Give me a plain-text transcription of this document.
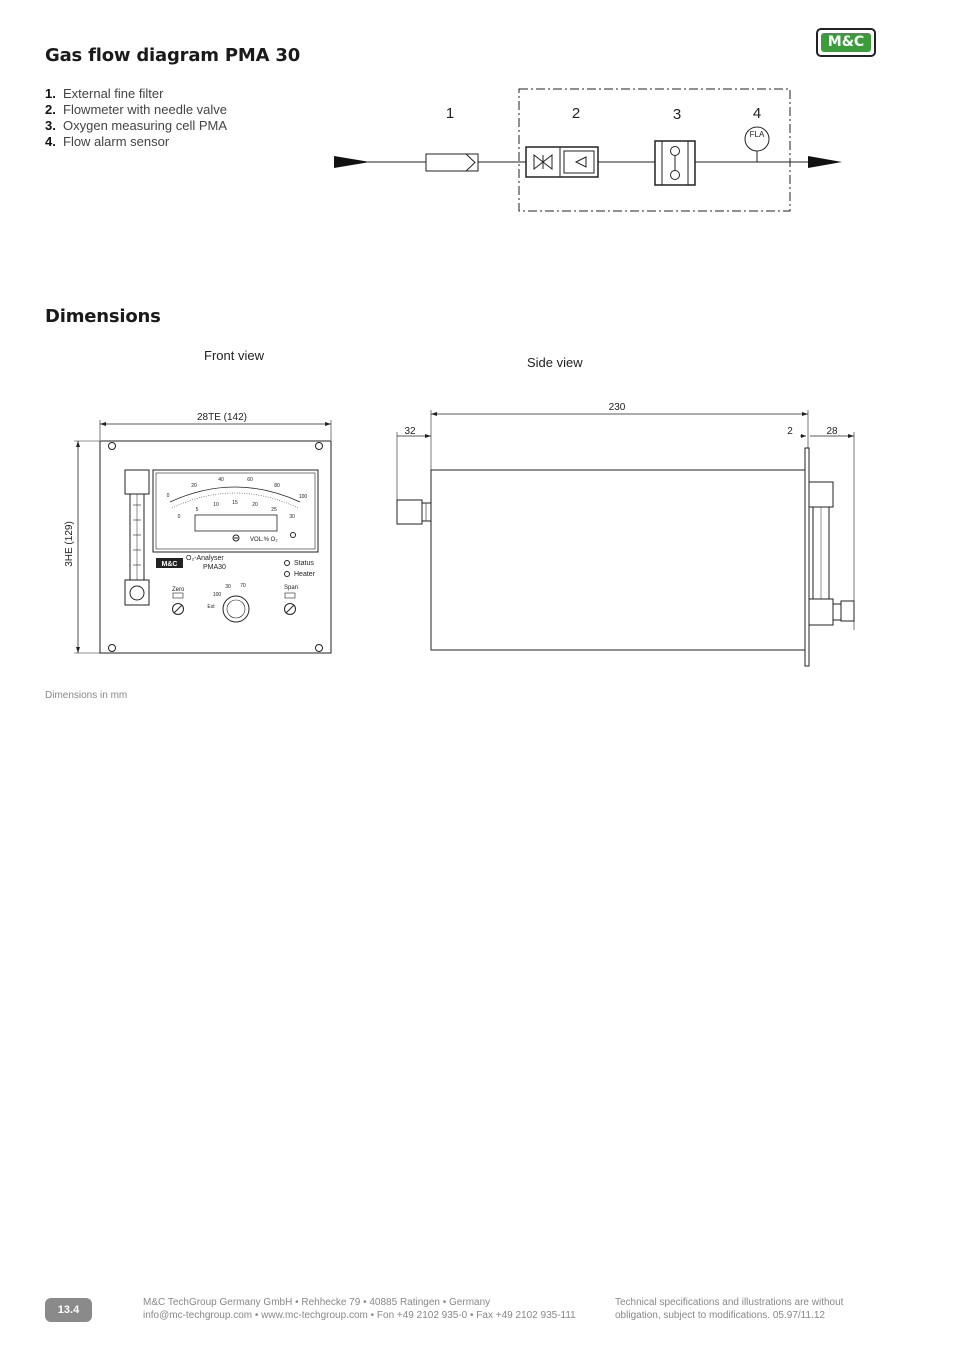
M&C
Gas flow diagram PMA 30
1. External fine filter
2. Flowmeter with needle valve
3. Oxygen measuring cell PMA
4. Flow alarm sensor	FLA
1	2	3	4
Dimensions
Front view	Side view
28TE (142)
3HE (129)
0
20
40	60
80
100
0
5
10	15	20
25
30
VOL.% O₂
M&C
O₂-Analyser
PMA30
Status
Heater
Zero	Span
30 70
100
Ext
230
32	2	28
Dimensions in mm
13.4
M&C TechGroup Germany GmbH • Rehhecke 79 • 40885 Ratingen • Germany
info@mc-techgroup.com • www.mc-techgroup.com • Fon +49 2102 935-0 • Fax +49 2102 935-111
Technical specifications and illustrations are without
obligation, subject to modifications. 05.97/11.12
